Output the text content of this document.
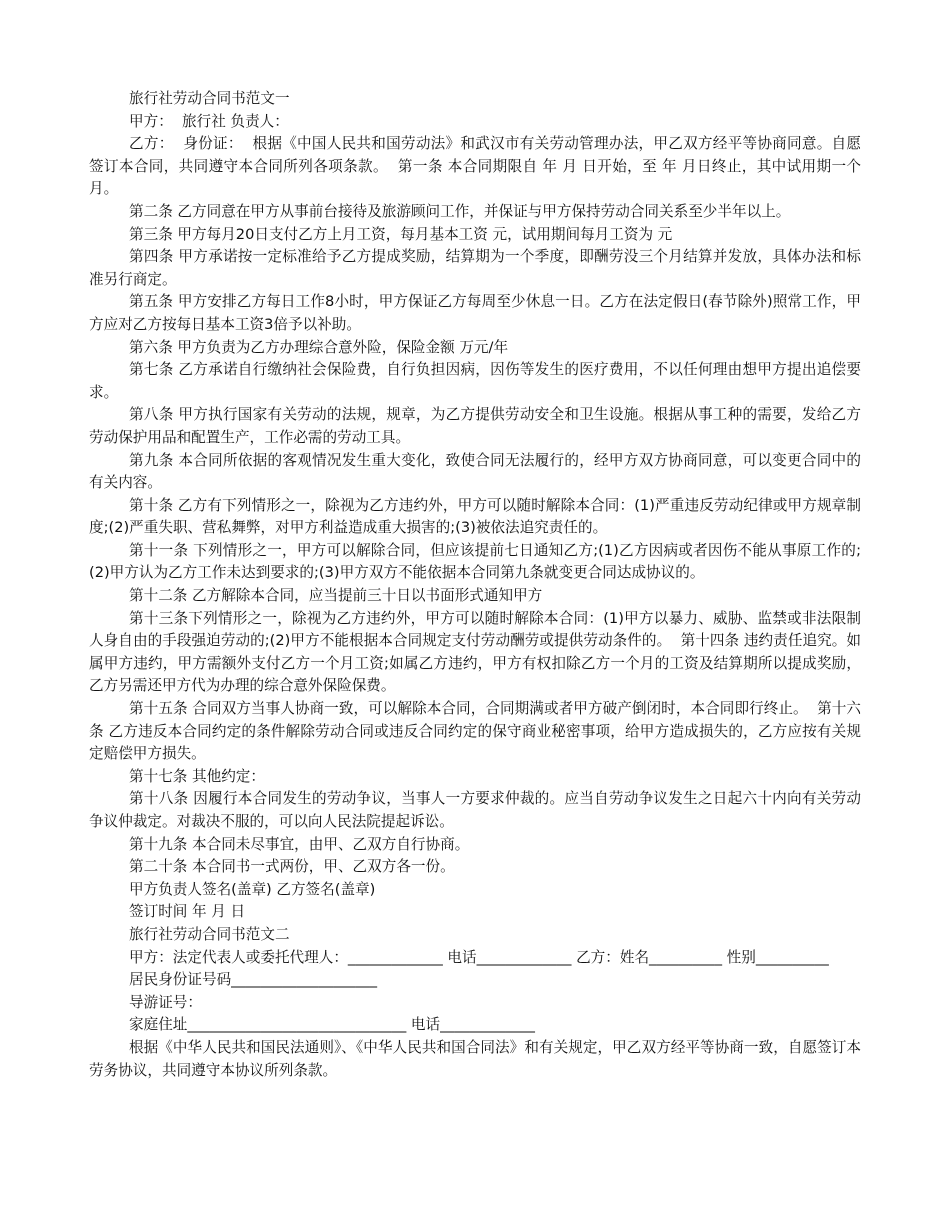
旅行社劳动合同书范文一

甲方：  旅行社 负责人：

乙方：  身份证：  根据《中国人民共和国劳动法》和武汉市有关劳动管理办法，甲乙双方经平等协商同意。自愿签订本合同，共同遵守本合同所列各项条款。  第一条 本合同期限自 年 月 日开始，至 年 月日终止，其中试用期一个月。

第二条 乙方同意在甲方从事前台接待及旅游顾问工作，并保证与甲方保持劳动合同关系至少半年以上。

第三条 甲方每月20日支付乙方上月工资，每月基本工资 元，试用期间每月工资为 元

第四条 甲方承诺按一定标准给予乙方提成奖励，结算期为一个季度，即酬劳没三个月结算并发放，具体办法和标准另行商定。

第五条 甲方安排乙方每日工作8小时，甲方保证乙方每周至少休息一日。乙方在法定假日(春节除外)照常工作，甲方应对乙方按每日基本工资3倍予以补助。

第六条 甲方负责为乙方办理综合意外险，保险金额 万元/年

第七条 乙方承诺自行缴纳社会保险费，自行负担因病，因伤等发生的医疗费用，不以任何理由想甲方提出追偿要求。

第八条 甲方执行国家有关劳动的法规，规章，为乙方提供劳动安全和卫生设施。根据从事工种的需要，发给乙方劳动保护用品和配置生产，工作必需的劳动工具。

第九条 本合同所依据的客观情况发生重大变化，致使合同无法履行的，经甲方双方协商同意，可以变更合同中的有关内容。

第十条 乙方有下列情形之一，除视为乙方违约外，甲方可以随时解除本合同：(1)严重违反劳动纪律或甲方规章制度;(2)严重失职、营私舞弊，对甲方利益造成重大损害的;(3)被依法追究责任的。

第十一条 下列情形之一，甲方可以解除合同，但应该提前七日通知乙方;(1)乙方因病或者因伤不能从事原工作的;(2)甲方认为乙方工作未达到要求的;(3)甲方双方不能依据本合同第九条就变更合同达成协议的。

第十二条 乙方解除本合同，应当提前三十日以书面形式通知甲方

第十三条下列情形之一，除视为乙方违约外，甲方可以随时解除本合同：(1)甲方以暴力、威胁、监禁或非法限制人身自由的手段强迫劳动的;(2)甲方不能根据本合同规定支付劳动酬劳或提供劳动条件的。  第十四条 违约责任追究。如属甲方违约，甲方需额外支付乙方一个月工资;如属乙方违约，甲方有权扣除乙方一个月的工资及结算期所以提成奖励，乙方另需还甲方代为办理的综合意外保险保费。

第十五条 合同双方当事人协商一致，可以解除本合同，合同期满或者甲方破产倒闭时，本合同即行终止。  第十六条 乙方违反本合同约定的条件解除劳动合同或违反合同约定的保守商业秘密事项，给甲方造成损失的，乙方应按有关规定赔偿甲方损失。

第十七条 其他约定：

第十八条 因履行本合同发生的劳动争议，当事人一方要求仲裁的。应当自劳动争议发生之日起六十内向有关劳动争议仲裁定。对裁决不服的，可以向人民法院提起诉讼。

第十九条 本合同未尽事宜，由甲、乙双方自行协商。

第二十条 本合同书一式两份，甲、乙双方各一份。

甲方负责人签名(盖章) 乙方签名(盖章)

签订时间 年 月 日

旅行社劳动合同书范文二

甲方：法定代表人或委托代理人：_____________ 电话_____________ 乙方：姓名__________ 性别__________

居民身份证号码____________________

导游证号：

家庭住址______________________________ 电话_____________

根据《中华人民共和国民法通则》、《中华人民共和国合同法》和有关规定，甲乙双方经平等协商一致，自愿签订本劳务协议，共同遵守本协议所列条款。
